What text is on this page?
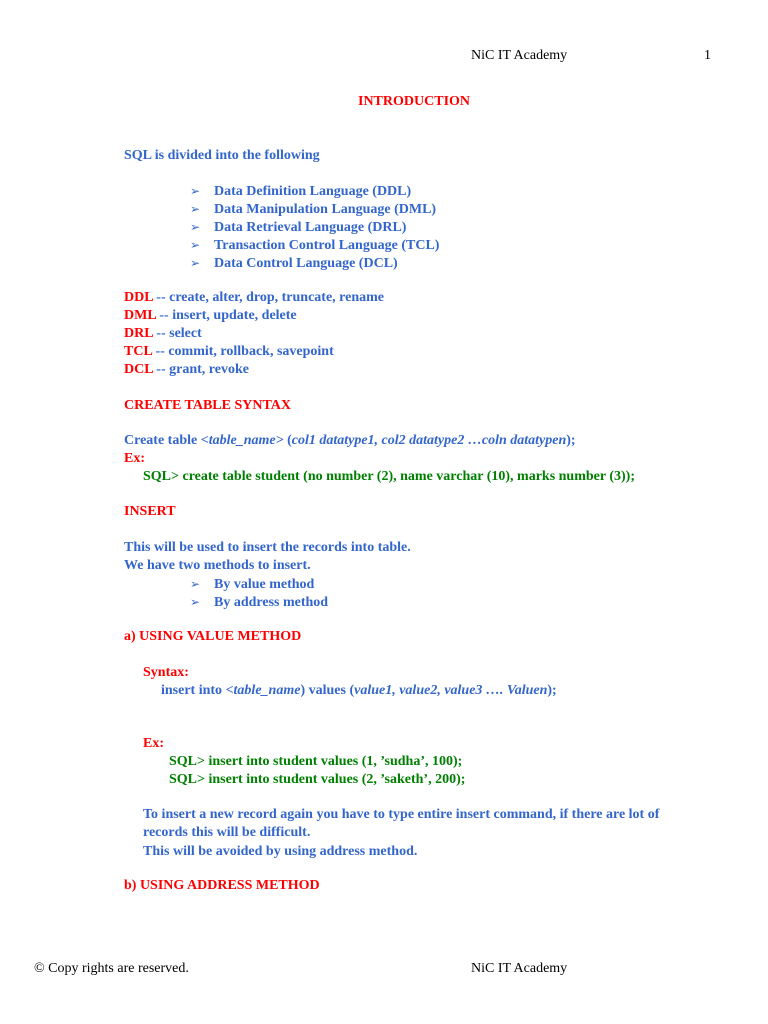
NiC IT Academy	1
INTRODUCTION
SQL is divided into the following
➢ Data Definition Language (DDL)
➢ Data Manipulation Language (DML)
➢ Data Retrieval Language (DRL)
➢ Transaction Control Language (TCL)
➢ Data Control Language (DCL)
DDL -- create, alter, drop, truncate, rename
DML -- insert, update, delete
DRL -- select
TCL -- commit, rollback, savepoint
DCL -- grant, revoke
CREATE TABLE SYNTAX
Create table <table_name> (col1 datatype1, col2 datatype2 …coln datatypen);
Ex:
SQL> create table student (no number (2), name varchar (10), marks number (3));
INSERT
This will be used to insert the records into table.
We have two methods to insert.
➢ By value method
➢ By address method
a) USING VALUE METHOD
Syntax:
insert into <table_name) values (value1, value2, value3 …. Valuen);
Ex:
SQL> insert into student values (1, ’sudha’, 100);
SQL> insert into student values (2, ’saketh’, 200);
To insert a new record again you have to type entire insert command, if there are lot of
records this will be difficult.
This will be avoided by using address method.
b) USING ADDRESS METHOD
© Copy rights are reserved.	NiC IT Academy
